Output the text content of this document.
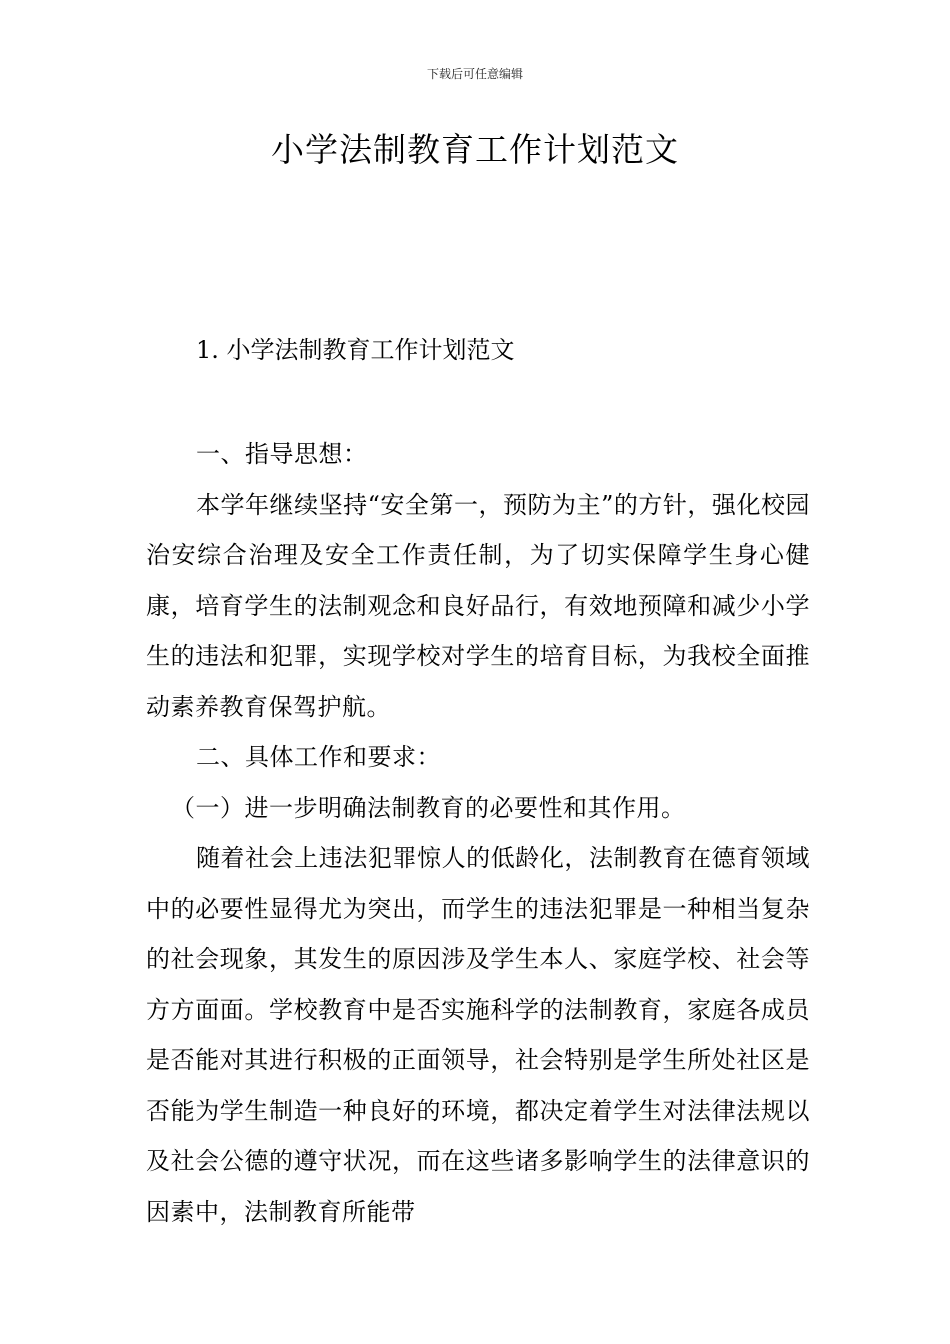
下载后可任意编辑
小学法制教育工作计划范文
1. 小学法制教育工作计划范文

一、指导思想：

本学年继续坚持“安全第一，预防为主”的方针，强化校园治安综合治理及安全工作责任制，为了切实保障学生身心健康，培育学生的法制观念和良好品行，有效地预障和减少小学生的违法和犯罪，实现学校对学生的培育目标，为我校全面推动素养教育保驾护航。

二、具体工作和要求：

（一）进一步明确法制教育的必要性和其作用。

随着社会上违法犯罪惊人的低龄化，法制教育在德育领域中的必要性显得尤为突出，而学生的违法犯罪是一种相当复杂的社会现象，其发生的原因涉及学生本人、家庭学校、社会等方方面面。学校教育中是否实施科学的法制教育，家庭各成员是否能对其进行积极的正面领导，社会特别是学生所处社区是否能为学生制造一种良好的环境，都决定着学生对法律法规以及社会公德的遵守状况，而在这些诸多影响学生的法律意识的因素中，法制教育所能带
